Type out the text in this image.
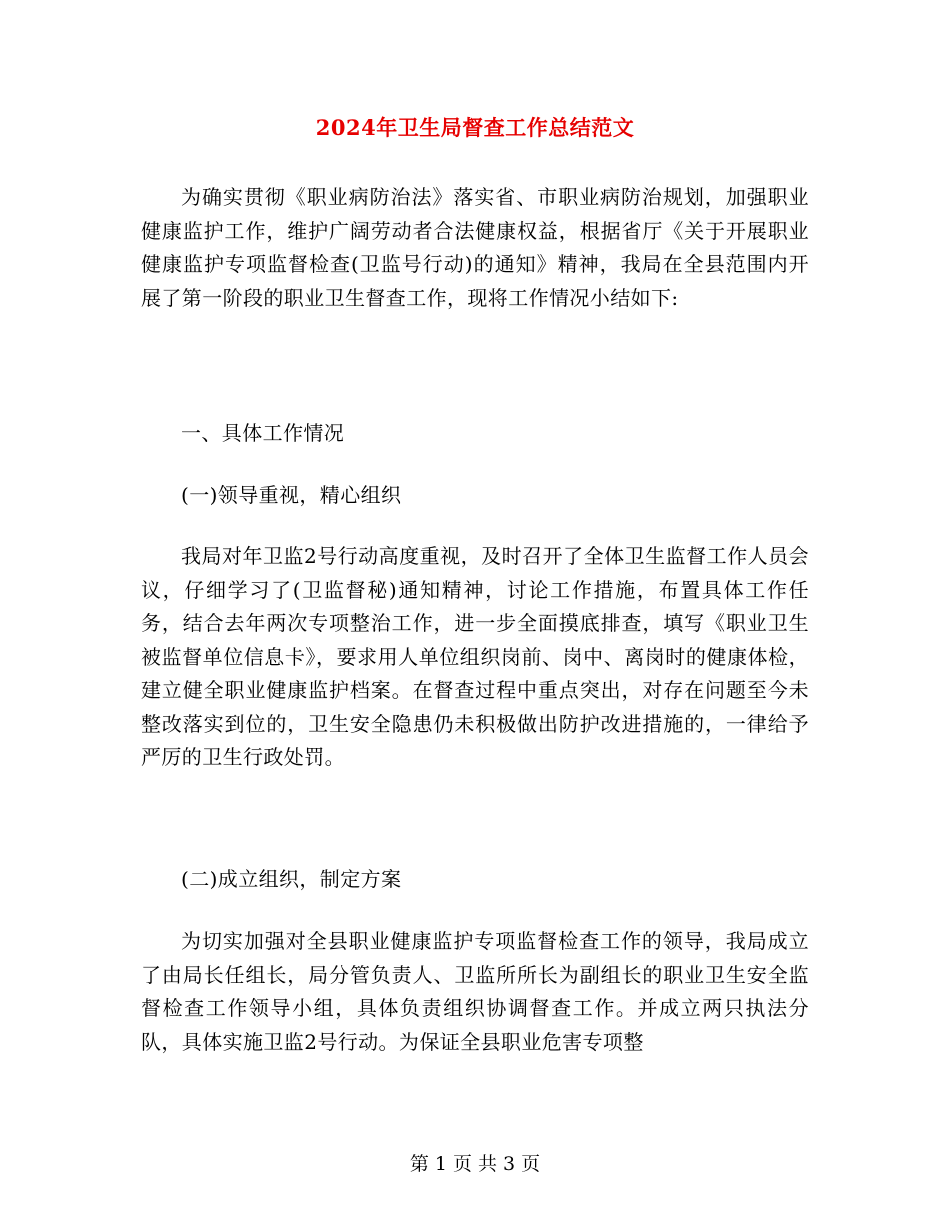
2024年卫生局督查工作总结范文

为确实贯彻《职业病防治法》落实省、市职业病防治规划，加强职业健康监护工作，维护广阔劳动者合法健康权益，根据省厅《关于开展职业健康监护专项监督检查(卫监号行动)的通知》精神，我局在全县范围内开展了第一阶段的职业卫生督查工作，现将工作情况小结如下:

一、具体工作情况

(一)领导重视，精心组织

我局对年卫监2号行动高度重视，及时召开了全体卫生监督工作人员会议，仔细学习了(卫监督秘)通知精神，讨论工作措施，布置具体工作任务，结合去年两次专项整治工作，进一步全面摸底排查，填写《职业卫生被监督单位信息卡》，要求用人单位组织岗前、岗中、离岗时的健康体检，建立健全职业健康监护档案。在督查过程中重点突出，对存在问题至今未整改落实到位的，卫生安全隐患仍未积极做出防护改进措施的，一律给予严厉的卫生行政处罚。

(二)成立组织，制定方案

为切实加强对全县职业健康监护专项监督检查工作的领导，我局成立了由局长任组长，局分管负责人、卫监所所长为副组长的职业卫生安全监督检查工作领导小组，具体负责组织协调督查工作。并成立两只执法分队，具体实施卫监2号行动。为保证全县职业危害专项整

第 1 页 共 3 页
